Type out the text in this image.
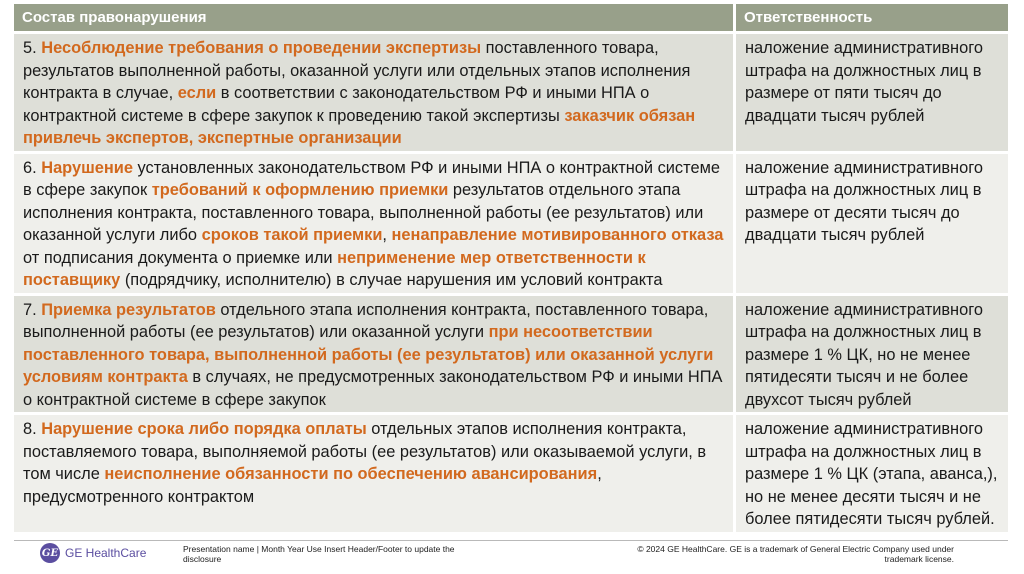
Состав правонарушения	Ответственность
5. Несоблюдение требования о проведении экспертизы поставленного товара, результатов выполненной работы, оказанной услуги или отдельных этапов исполнения контракта в случае, если в соответствии с законодательством РФ и иными НПА о контрактной системе в сфере закупок к проведению такой экспертизы заказчик обязан привлечь экспертов, экспертные организации	наложение административного штрафа на должностных лиц в размере от пяти тысяч до двадцати тысяч рублей
6. Нарушение установленных законодательством РФ и иными НПА о контрактной системе в сфере закупок требований к оформлению приемки результатов отдельного этапа исполнения контракта, поставленного товара, выполненной работы (ее результатов) или оказанной услуги либо сроков такой приемки, ненаправление мотивированного отказа от подписания документа о приемке или неприменение мер ответственности к поставщику (подрядчику, исполнителю) в случае нарушения им условий контракта	наложение административного штрафа на должностных лиц в размере от десяти тысяч до двадцати тысяч рублей
7. Приемка результатов отдельного этапа исполнения контракта, поставленного товара, выполненной работы (ее результатов) или оказанной услуги при несоответствии поставленного товара, выполненной работы (ее результатов) или оказанной услуги условиям контракта в случаях, не предусмотренных законодательством РФ и иными НПА о контрактной системе в сфере закупок	наложение административного штрафа на должностных лиц в размере 1 % ЦК, но не менее пятидесяти тысяч и не более двухсот тысяч рублей
8. Нарушение срока либо порядка оплаты отдельных этапов исполнения контракта, поставляемого товара, выполняемой работы (ее результатов) или оказываемой услуги, в том числе неисполнение обязанности по обеспечению авансирования, предусмотренного контрактом	наложение административного штрафа на должностных лиц в размере 1 % ЦК (этапа, аванса,), но не менее десяти тысяч и не более пятидесяти тысяч рублей.
GE GE HealthCare	Presentation name | Month Year Use Insert Header/Footer to update the disclosure
© 2024 GE HealthCare. GE is a trademark of General Electric Company used under trademark license.
